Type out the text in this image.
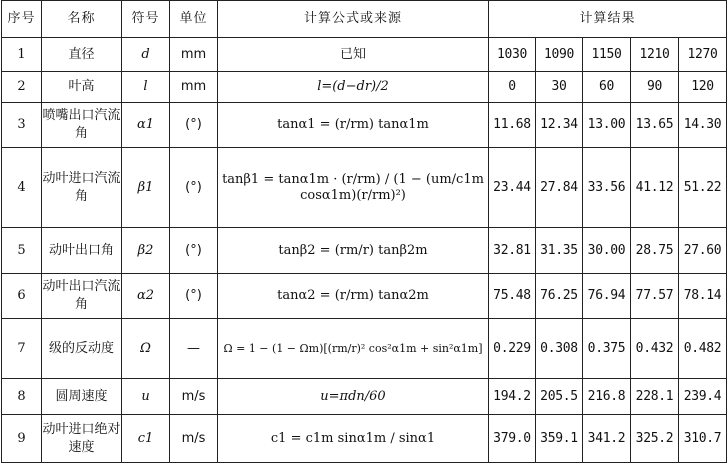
序号	名称	符号	单位	计算公式或来源	计算结果				
1	直径	d	mm	已知	1030	1090	1150	1210	1270
2	叶高	l	mm	l=(d−dr)/2	0	30	60	90	120
3	喷嘴出口汽流角	α1	(°)	tanα1 = (r/rm) tanα1m	11.68	12.34	13.00	13.65	14.30
4	动叶进口汽流角	β1	(°)	tanβ1 = tanα1m · (r/rm) / (1 − (um/c1m cosα1m)(r/rm)²)	23.44	27.84	33.56	41.12	51.22
5	动叶出口角	β2	(°)	tanβ2 = (rm/r) tanβ2m	32.81	31.35	30.00	28.75	27.60
6	动叶出口汽流角	α2	(°)	tanα2 = (r/rm) tanα2m	75.48	76.25	76.94	77.57	78.14
7	级的反动度	Ω	—	Ω = 1 − (1 − Ωm)[(rm/r)² cos²α1m + sin²α1m]	0.229	0.308	0.375	0.432	0.482
8	圆周速度	u	m/s	u=πdn/60	194.2	205.5	216.8	228.1	239.4
9	动叶进口绝对速度	c1	m/s	c1 = c1m sinα1m / sinα1	379.0	359.1	341.2	325.2	310.7
